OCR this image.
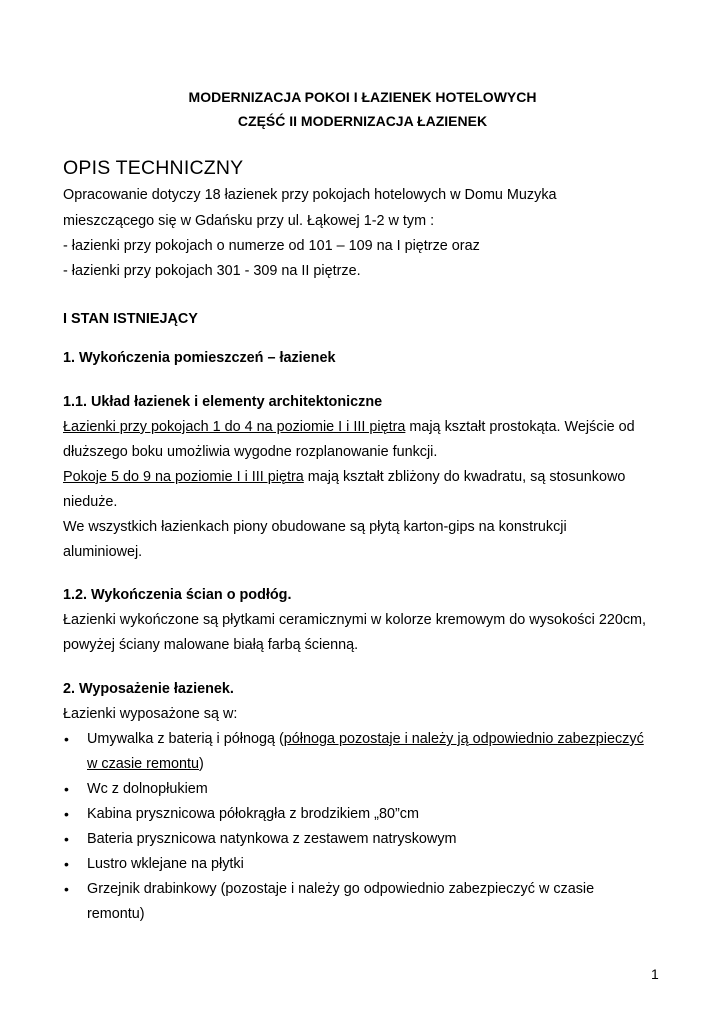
MODERNIZACJA POKOI I ŁAZIENEK HOTELOWYCH
CZĘŚĆ II MODERNIZACJA ŁAZIENEK
OPIS TECHNICZNY
Opracowanie dotyczy 18 łazienek przy pokojach hotelowych w Domu Muzyka
mieszczącego się w Gdańsku przy ul. Łąkowej 1-2 w tym :
- łazienki przy pokojach o numerze od 101 – 109 na I piętrze oraz
- łazienki przy pokojach 301 - 309 na II piętrze.
I STAN ISTNIEJĄCY
1. Wykończenia pomieszczeń – łazienek
1.1. Układ łazienek i elementy architektoniczne
Łazienki przy pokojach 1 do 4 na poziomie I i III piętra mają kształt prostokąta. Wejście od
dłuższego boku umożliwia wygodne rozplanowanie funkcji.
Pokoje 5 do 9 na poziomie I i III piętra mają kształt zbliżony do kwadratu, są stosunkowo
nieduże.
We wszystkich łazienkach piony obudowane są płytą karton-gips na konstrukcji
aluminiowej.
1.2. Wykończenia ścian o podłóg.
Łazienki wykończone są płytkami ceramicznymi w kolorze kremowym do wysokości 220cm,
powyżej ściany malowane białą farbą ścienną.
2. Wyposażenie łazienek.
Łazienki wyposażone są w:
• Umywalka z baterią i półnogą (półnoga pozostaje i należy ją odpowiednio zabezpieczyć
w czasie remontu)
• Wc z dolnopłukiem
• Kabina prysznicowa półokrągła z brodzikiem „80”cm
• Bateria prysznicowa natynkowa z zestawem natryskowym
• Lustro wklejane na płytki
• Grzejnik drabinkowy (pozostaje i należy go odpowiednio zabezpieczyć w czasie
remontu)
1
